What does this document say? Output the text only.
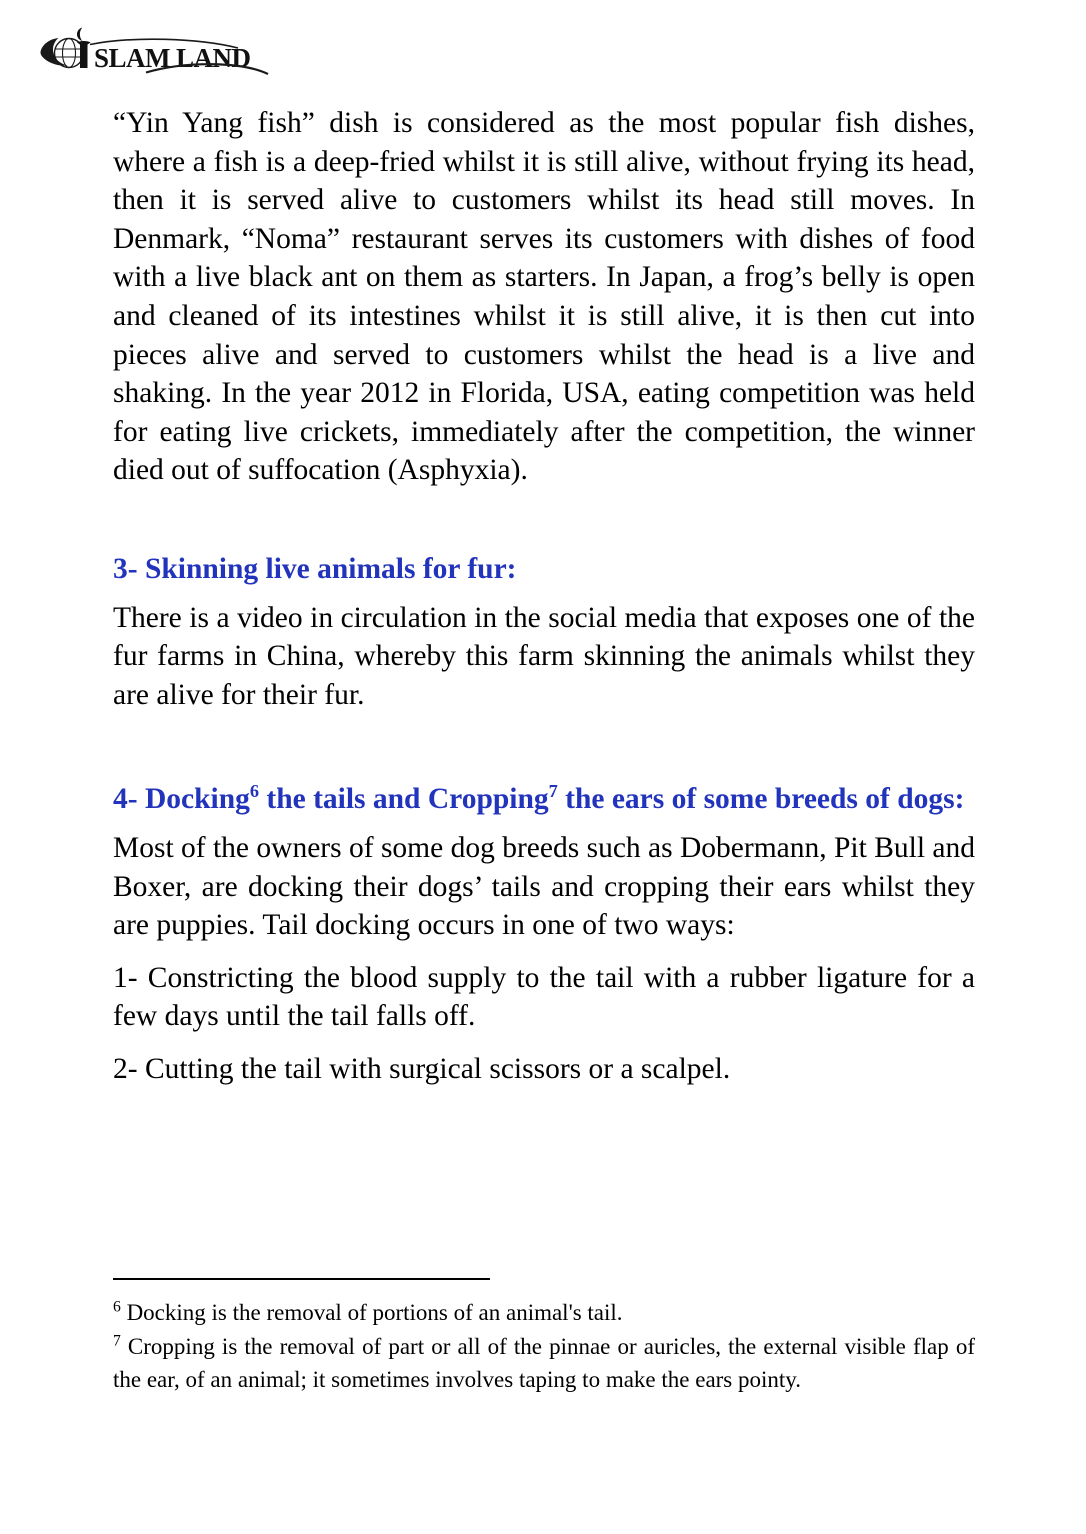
SLAM LAND

“Yin Yang fish” dish is considered as the most popular fish dishes, where a fish is a deep-fried whilst it is still alive, without frying its head, then it is served alive to customers whilst its head still moves. In Denmark, “Noma” restaurant serves its customers with dishes of food with a live black ant on them as starters. In Japan, a frog’s belly is open and cleaned of its intestines whilst it is still alive, it is then cut into pieces alive and served to customers whilst the head is a live and shaking. In the year 2012 in Florida, USA, eating competition was held for eating live crickets, immediately after the competition, the winner died out of suffocation (Asphyxia).

3- Skinning live animals for fur:

There is a video in circulation in the social media that exposes one of the fur farms in China, whereby this farm skinning the animals whilst they are alive for their fur.

4- Docking$^6$ the tails and Cropping$^7$ the ears of some breeds of dogs:

Most of the owners of some dog breeds such as Dobermann, Pit Bull and Boxer, are docking their dogs’ tails and cropping their ears whilst they are puppies. Tail docking occurs in one of two ways:

1- Constricting the blood supply to the tail with a rubber ligature for a few days until the tail falls off.

2- Cutting the tail with surgical scissors or a scalpel.

$^6$ Docking is the removal of portions of an animal's tail.

$^7$ Cropping is the removal of part or all of the pinnae or auricles, the external visible flap of the ear, of an animal; it sometimes involves taping to make the ears pointy.
